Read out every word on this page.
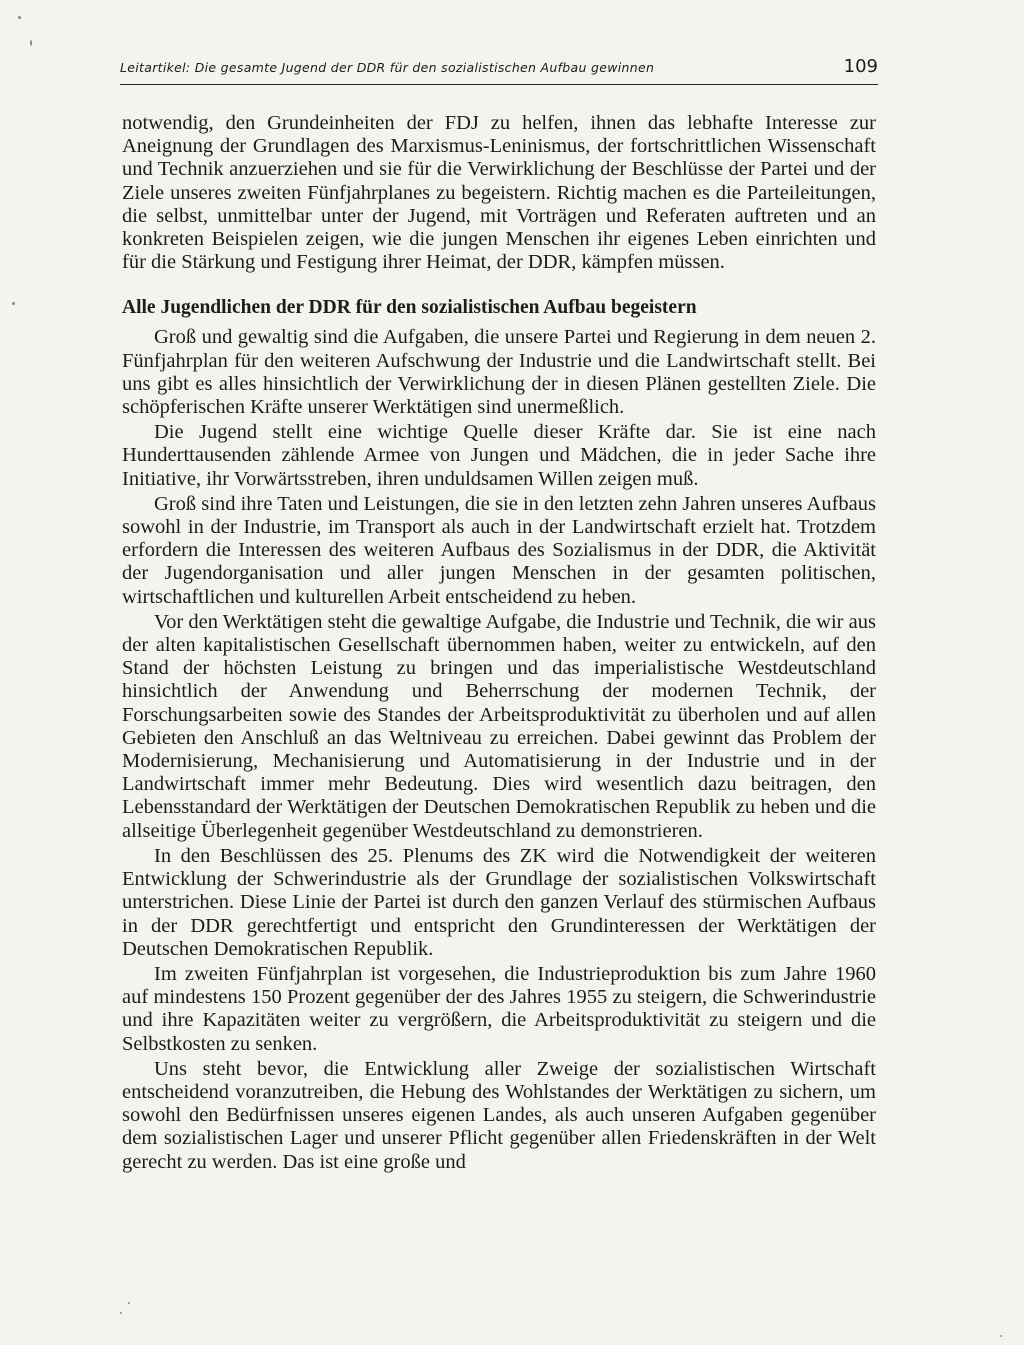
Leitartikel: Die gesamte Jugend der DDR für den sozialistischen Aufbau gewinnen	109

notwendig, den Grundeinheiten der FDJ zu helfen, ihnen das lebhafte Interesse zur Aneignung der Grundlagen des Marxismus-Leninismus, der fortschrittlichen Wissenschaft und Technik anzuerziehen und sie für die Verwirklichung der Beschlüsse der Partei und der Ziele unseres zweiten Fünfjahrplanes zu begeistern. Richtig machen es die Parteileitungen, die selbst, unmittelbar unter der Jugend, mit Vorträgen und Referaten auftreten und an konkreten Beispielen zeigen, wie die jungen Menschen ihr eigenes Leben einrichten und für die Stärkung und Festigung ihrer Heimat, der DDR, kämpfen müssen.

Alle Jugendlichen der DDR für den sozialistischen Aufbau begeistern

Groß und gewaltig sind die Aufgaben, die unsere Partei und Regierung in dem neuen 2. Fünfjahrplan für den weiteren Aufschwung der Industrie und die Landwirtschaft stellt. Bei uns gibt es alles hinsichtlich der Verwirklichung der in diesen Plänen gestellten Ziele. Die schöpferischen Kräfte unserer Werktätigen sind unermeßlich.

Die Jugend stellt eine wichtige Quelle dieser Kräfte dar. Sie ist eine nach Hunderttausenden zählende Armee von Jungen und Mädchen, die in jeder Sache ihre Initiative, ihr Vorwärtsstreben, ihren unduldsamen Willen zeigen muß.

Groß sind ihre Taten und Leistungen, die sie in den letzten zehn Jahren unseres Aufbaus sowohl in der Industrie, im Transport als auch in der Landwirtschaft erzielt hat. Trotzdem erfordern die Interessen des weiteren Aufbaus des Sozialismus in der DDR, die Aktivität der Jugendorganisation und aller jungen Menschen in der gesamten politischen, wirtschaftlichen und kulturellen Arbeit entscheidend zu heben.

Vor den Werktätigen steht die gewaltige Aufgabe, die Industrie und Technik, die wir aus der alten kapitalistischen Gesellschaft übernommen haben, weiter zu entwickeln, auf den Stand der höchsten Leistung zu bringen und das imperialistische Westdeutschland hinsichtlich der Anwendung und Beherrschung der modernen Technik, der Forschungsarbeiten sowie des Standes der Arbeitsproduktivität zu überholen und auf allen Gebieten den Anschluß an das Weltniveau zu erreichen. Dabei gewinnt das Problem der Modernisierung, Mechanisierung und Automatisierung in der Industrie und in der Landwirtschaft immer mehr Bedeutung. Dies wird wesentlich dazu beitragen, den Lebensstandard der Werktätigen der Deutschen Demokratischen Republik zu heben und die allseitige Überlegenheit gegenüber Westdeutschland zu demonstrieren.

In den Beschlüssen des 25. Plenums des ZK wird die Notwendigkeit der weiteren Entwicklung der Schwerindustrie als der Grundlage der sozialistischen Volkswirtschaft unterstrichen. Diese Linie der Partei ist durch den ganzen Verlauf des stürmischen Aufbaus in der DDR gerechtfertigt und entspricht den Grundinteressen der Werktätigen der Deutschen Demokratischen Republik.

Im zweiten Fünfjahrplan ist vorgesehen, die Industrieproduktion bis zum Jahre 1960 auf mindestens 150 Prozent gegenüber der des Jahres 1955 zu steigern, die Schwerindustrie und ihre Kapazitäten weiter zu vergrößern, die Arbeitsproduktivität zu steigern und die Selbstkosten zu senken.

Uns steht bevor, die Entwicklung aller Zweige der sozialistischen Wirtschaft entscheidend voranzutreiben, die Hebung des Wohlstandes der Werktätigen zu sichern, um sowohl den Bedürfnissen unseres eigenen Landes, als auch unseren Aufgaben gegenüber dem sozialistischen Lager und unserer Pflicht gegenüber allen Friedenskräften in der Welt gerecht zu werden. Das ist eine große und
